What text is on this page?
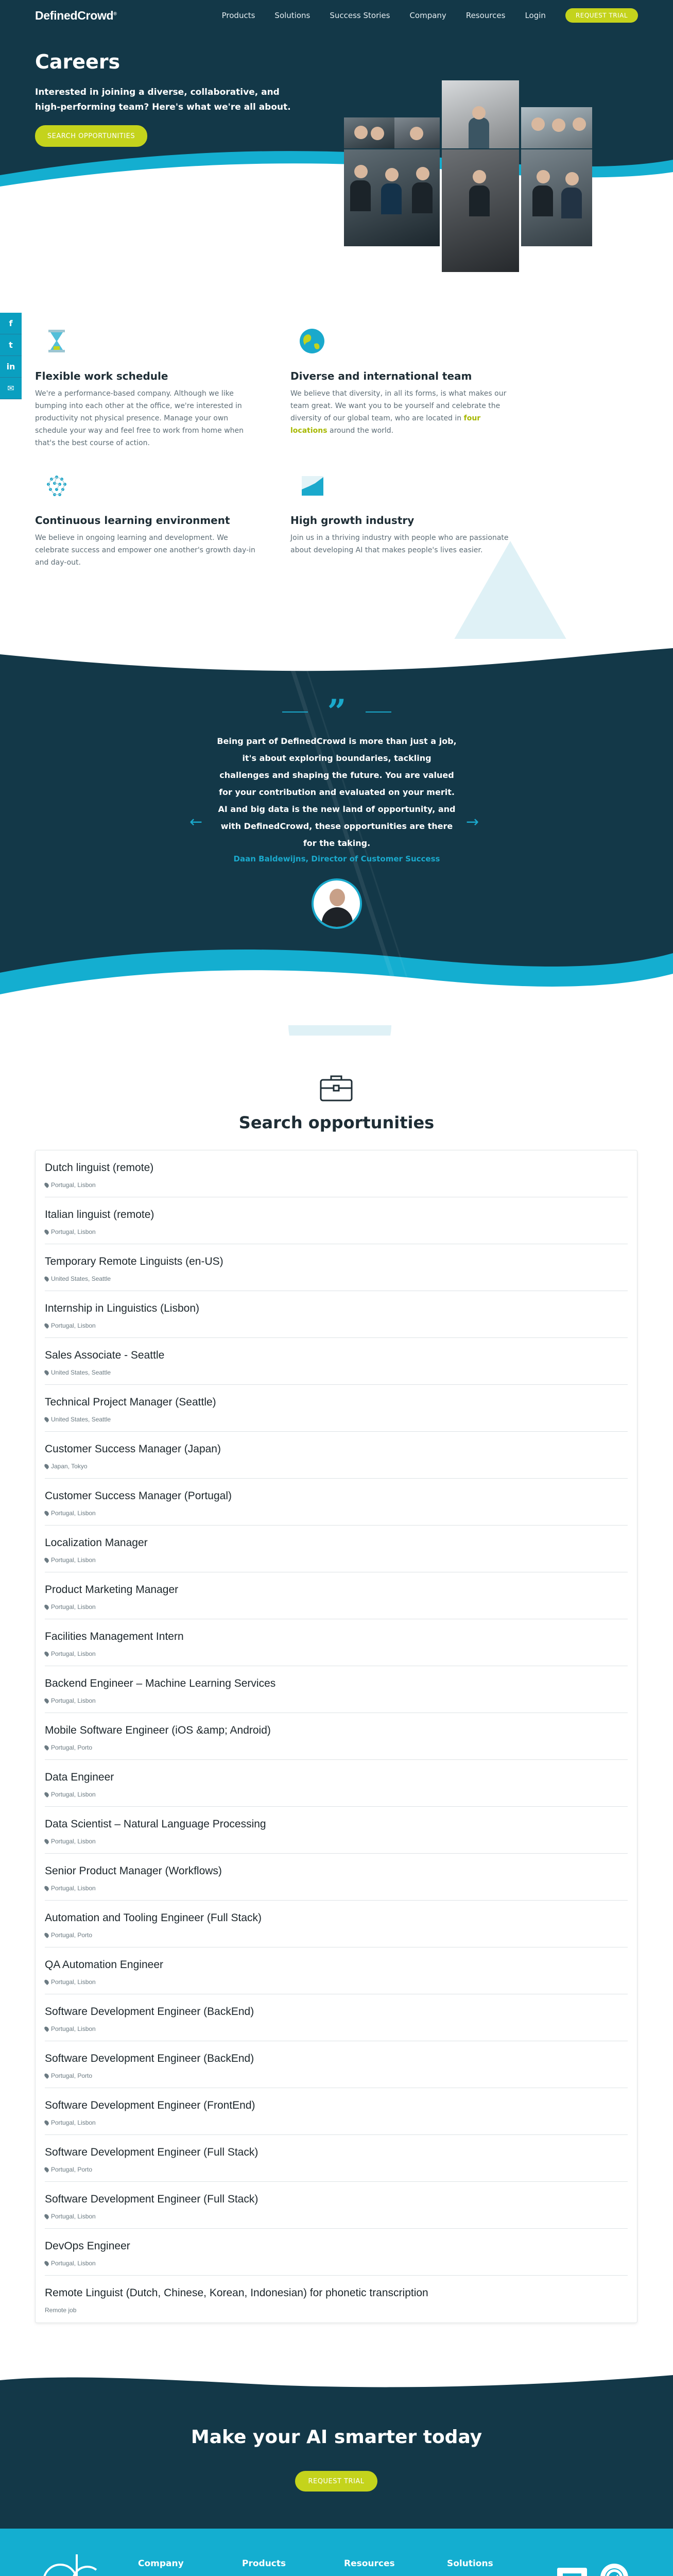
DefinedCrowd®	Products	Solutions	Success Stories	Company	Resources	Login	REQUEST TRIAL
Careers

Interested in joining a diverse, collaborative, and high-performing team? Here's what we're all about.

SEARCH OPPORTUNITIES
f
t
in
✉
Flexible work schedule

We're a performance-based company. Although we like bumping into each other at the office, we're interested in productivity not physical presence. Manage your own schedule your way and feel free to work from home when that's the best course of action.

Diverse and international team

We believe that diversity, in all its forms, is what makes our team great. We want you to be yourself and celebrate the diversity of our global team, who are located in four locations around the world.

Continuous learning environment

We believe in ongoing learning and development. We celebrate success and empower one another's growth day-in and day-out.

High growth industry

Join us in a thriving industry with people who are passionate about developing AI that makes people's lives easier.

”

Being part of DefinedCrowd is more than just a job, it's about exploring boundaries, tackling challenges and shaping the future. You are valued for your contribution and evaluated on your merit. AI and big data is the new land of opportunity, and with DefinedCrowd, these opportunities are there for the taking.

←	→

Daan Baldewijns, Director of Customer Success

Search opportunities
Dutch linguist (remote)
Portugal, Lisbon
Italian linguist (remote)
Portugal, Lisbon
Temporary Remote Linguists (en-US)
United States, Seattle
Internship in Linguistics (Lisbon)
Portugal, Lisbon
Sales Associate - Seattle
United States, Seattle
Technical Project Manager (Seattle)
United States, Seattle
Customer Success Manager (Japan)
Japan, Tokyo
Customer Success Manager (Portugal)
Portugal, Lisbon
Localization Manager
Portugal, Lisbon
Product Marketing Manager
Portugal, Lisbon
Facilities Management Intern
Portugal, Lisbon
Backend Engineer – Machine Learning Services
Portugal, Lisbon
Mobile Software Engineer (iOS &amp; Android)
Portugal, Porto
Data Engineer
Portugal, Lisbon
Data Scientist – Natural Language Processing
Portugal, Lisbon
Senior Product Manager (Workflows)
Portugal, Lisbon
Automation and Tooling Engineer (Full Stack)
Portugal, Porto
QA Automation Engineer
Portugal, Lisbon
Software Development Engineer (BackEnd)
Portugal, Lisbon
Software Development Engineer (BackEnd)
Portugal, Porto
Software Development Engineer (FrontEnd)
Portugal, Lisbon
Software Development Engineer (Full Stack)
Portugal, Porto
Software Development Engineer (Full Stack)
Portugal, Lisbon
DevOps Engineer
Portugal, Lisbon
Remote Linguist (Dutch, Chinese, Korean, Indonesian) for phonetic transcription
Remote job
Make your AI smarter today
REQUEST TRIAL
Company	Products	Resources	Solutions
